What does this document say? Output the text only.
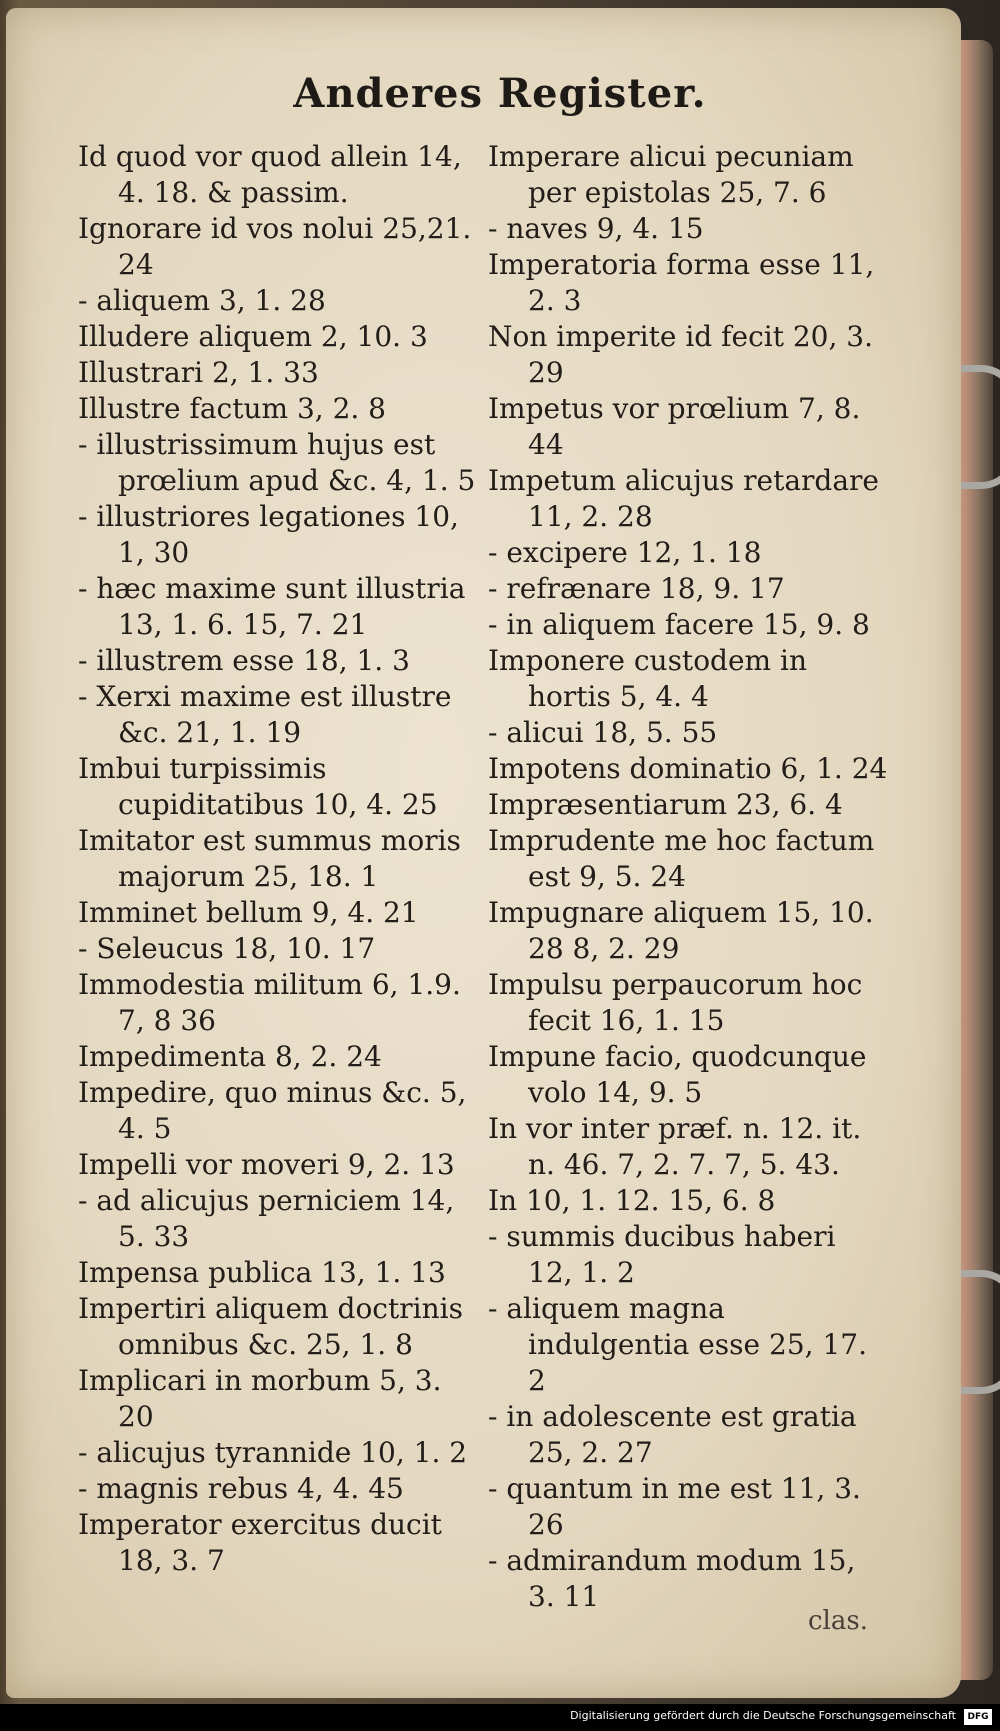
Anderes Register.

Id quod vor quod allein 14, 4. 18. & passim.

Ignorare id vos nolui 25,21. 24

- aliquem 3, 1. 28

Illudere aliquem 2, 10. 3

Illustrari 2, 1. 33

Illustre factum 3, 2. 8

- illustrissimum hujus est prœlium apud &c. 4, 1. 5

- illustriores legationes 10, 1, 30

- hæc maxime sunt illustria 13, 1. 6. 15, 7. 21

- illustrem esse 18, 1. 3

- Xerxi maxime est illustre &c. 21, 1. 19

Imbui turpissimis cupiditatibus 10, 4. 25

Imitator est summus moris majorum 25, 18. 1

Imminet bellum 9, 4. 21

- Seleucus 18, 10. 17

Immodestia militum 6, 1.9. 7, 8 36

Impedimenta 8, 2. 24

Impedire, quo minus &c. 5, 4. 5

Impelli vor moveri 9, 2. 13

- ad alicujus perniciem 14, 5. 33

Impensa publica 13, 1. 13

Impertiri aliquem doctrinis omnibus &c. 25, 1. 8

Implicari in morbum 5, 3. 20

- alicujus tyrannide 10, 1. 2

- magnis rebus 4, 4. 45

Imperator exercitus ducit 18, 3. 7

Imperare alicui pecuniam per epistolas 25, 7. 6

- naves 9, 4. 15

Imperatoria forma esse 11, 2. 3

Non imperite id fecit 20, 3. 29

Impetus vor prœlium 7, 8. 44

Impetum alicujus retardare 11, 2. 28

- excipere 12, 1. 18

- refrænare 18, 9. 17

- in aliquem facere 15, 9. 8

Imponere custodem in hortis 5, 4. 4

- alicui 18, 5. 55

Impotens dominatio 6, 1. 24

Impræsentiarum 23, 6. 4

Imprudente me hoc factum est 9, 5. 24

Impugnare aliquem 15, 10. 28 8, 2. 29

Impulsu perpaucorum hoc fecit 16, 1. 15

Impune facio, quodcunque volo 14, 9. 5

In vor inter præf. n. 12. it. n. 46. 7, 2. 7. 7, 5. 43.

In 10, 1. 12. 15, 6. 8

- summis ducibus haberi 12, 1. 2

- aliquem magna indulgentia esse 25, 17. 2

- in adolescente est gratia 25, 2. 27

- quantum in me est 11, 3. 26

- admirandum modum 15, 3. 11

clas.
Digitalisierung gefördert durch die Deutsche Forschungsgemeinschaft	DFG
